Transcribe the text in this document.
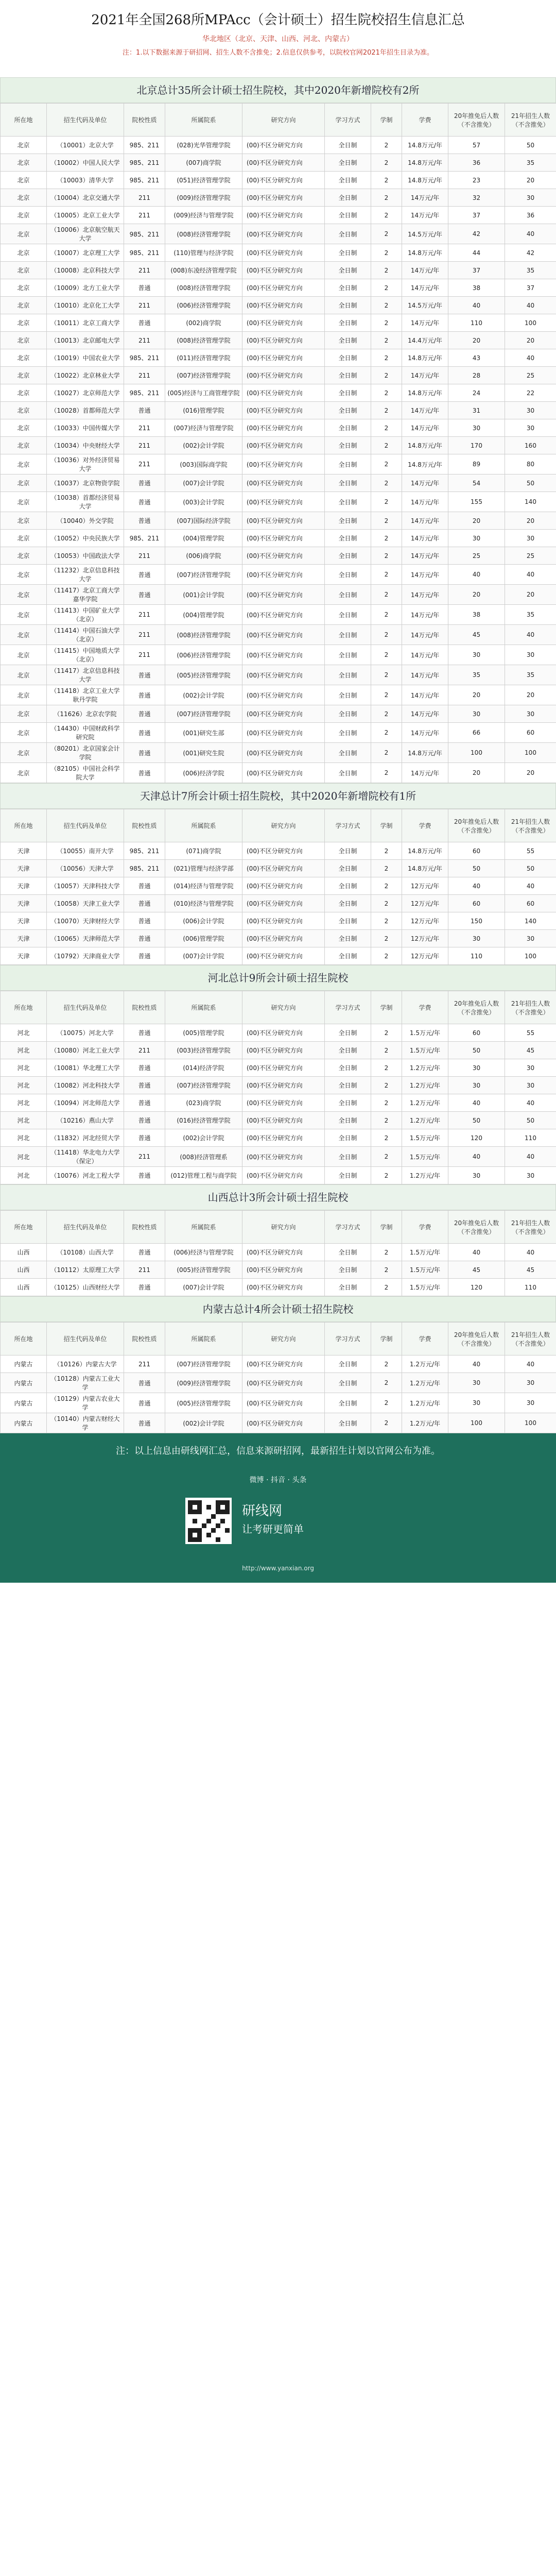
2021年全国268所MPAcc（会计硕士）招生院校招生信息汇总
华北地区（北京、天津、山西、河北、内蒙古）
注：1.以下数据来源于研招网、招生人数不含推免；2.信息仅供参考，以院校官网2021年招生目录为准。
北京总计35所会计硕士招生院校，其中2020年新增院校有2所
所在地	招生代码及单位	院校性质	所属院系	研究方向	学习方式	学制	学费	20年推免后人数（不含推免）	21年招生人数（不含推免）
北京	（10001）北京大学	985、211	(028)光华管理学院	(00)不区分研究方向	全日制	2	14.8万元/年	57	50
北京	（10002）中国人民大学	985、211	(007)商学院	(00)不区分研究方向	全日制	2	14.8万元/年	36	35
北京	（10003）清华大学	985、211	(051)经济管理学院	(00)不区分研究方向	全日制	2	14.8万元/年	23	20
北京	（10004）北京交通大学	211	(009)经济管理学院	(00)不区分研究方向	全日制	2	14万元/年	32	30
北京	（10005）北京工业大学	211	(009)经济与管理学院	(00)不区分研究方向	全日制	2	14万元/年	37	36
北京	（10006）北京航空航天大学	985、211	(008)经济管理学院	(00)不区分研究方向	全日制	2	14.5万元/年	42	40
北京	（10007）北京理工大学	985、211	(110)管理与经济学院	(00)不区分研究方向	全日制	2	14.8万元/年	44	42
北京	（10008）北京科技大学	211	(008)东凌经济管理学院	(00)不区分研究方向	全日制	2	14万元/年	37	35
北京	（10009）北方工业大学	普通	(008)经济管理学院	(00)不区分研究方向	全日制	2	14万元/年	38	37
北京	（10010）北京化工大学	211	(006)经济管理学院	(00)不区分研究方向	全日制	2	14.5万元/年	40	40
北京	（10011）北京工商大学	普通	(002)商学院	(00)不区分研究方向	全日制	2	14万元/年	110	100
北京	（10013）北京邮电大学	211	(008)经济管理学院	(00)不区分研究方向	全日制	2	14.4万元/年	20	20
北京	（10019）中国农业大学	985、211	(011)经济管理学院	(00)不区分研究方向	全日制	2	14.8万元/年	43	40
北京	（10022）北京林业大学	211	(007)经济管理学院	(00)不区分研究方向	全日制	2	14万元/年	28	25
北京	（10027）北京师范大学	985、211	(005)经济与工商管理学院	(00)不区分研究方向	全日制	2	14.8万元/年	24	22
北京	（10028）首都师范大学	普通	(016)管理学院	(00)不区分研究方向	全日制	2	14万元/年	31	30
北京	（10033）中国传媒大学	211	(007)经济与管理学院	(00)不区分研究方向	全日制	2	14万元/年	30	30
北京	（10034）中央财经大学	211	(002)会计学院	(00)不区分研究方向	全日制	2	14.8万元/年	170	160
北京	（10036）对外经济贸易大学	211	(003)国际商学院	(00)不区分研究方向	全日制	2	14.8万元/年	89	80
北京	（10037）北京物资学院	普通	(007)会计学院	(00)不区分研究方向	全日制	2	14万元/年	54	50
北京	（10038）首都经济贸易大学	普通	(003)会计学院	(00)不区分研究方向	全日制	2	14万元/年	155	140
北京	（10040）外交学院	普通	(007)国际经济学院	(00)不区分研究方向	全日制	2	14万元/年	20	20
北京	（10052）中央民族大学	985、211	(004)管理学院	(00)不区分研究方向	全日制	2	14万元/年	30	30
北京	（10053）中国政法大学	211	(006)商学院	(00)不区分研究方向	全日制	2	14万元/年	25	25
北京	（11232）北京信息科技大学	普通	(007)经济管理学院	(00)不区分研究方向	全日制	2	14万元/年	40	40
北京	（11417）北京工商大学嘉华学院	普通	(001)会计学院	(00)不区分研究方向	全日制	2	14万元/年	20	20
北京	（11413）中国矿业大学（北京）	211	(004)管理学院	(00)不区分研究方向	全日制	2	14万元/年	38	35
北京	（11414）中国石油大学（北京）	211	(008)经济管理学院	(00)不区分研究方向	全日制	2	14万元/年	45	40
北京	（11415）中国地质大学（北京）	211	(006)经济管理学院	(00)不区分研究方向	全日制	2	14万元/年	30	30
北京	（11417）北京信息科技大学	普通	(005)经济管理学院	(00)不区分研究方向	全日制	2	14万元/年	35	35
北京	（11418）北京工业大学耿丹学院	普通	(002)会计学院	(00)不区分研究方向	全日制	2	14万元/年	20	20
北京	（11626）北京农学院	普通	(007)经济管理学院	(00)不区分研究方向	全日制	2	14万元/年	30	30
北京	（14430）中国财政科学研究院	普通	(001)研究生部	(00)不区分研究方向	全日制	2	14万元/年	66	60
北京	（80201）北京国家会计学院	普通	(001)研究生院	(00)不区分研究方向	全日制	2	14.8万元/年	100	100
北京	（82105）中国社会科学院大学	普通	(006)经济学院	(00)不区分研究方向	全日制	2	14万元/年	20	20
天津总计7所会计硕士招生院校，其中2020年新增院校有1所
所在地	招生代码及单位	院校性质	所属院系	研究方向	学习方式	学制	学费	20年推免后人数（不含推免）	21年招生人数（不含推免）
天津	（10055）南开大学	985、211	(071)商学院	(00)不区分研究方向	全日制	2	14.8万元/年	60	55
天津	（10056）天津大学	985、211	(021)管理与经济学部	(00)不区分研究方向	全日制	2	14.8万元/年	50	50
天津	（10057）天津科技大学	普通	(014)经济与管理学院	(00)不区分研究方向	全日制	2	12万元/年	40	40
天津	（10058）天津工业大学	普通	(010)经济与管理学院	(00)不区分研究方向	全日制	2	12万元/年	60	60
天津	（10070）天津财经大学	普通	(006)会计学院	(00)不区分研究方向	全日制	2	12万元/年	150	140
天津	（10065）天津师范大学	普通	(006)管理学院	(00)不区分研究方向	全日制	2	12万元/年	30	30
天津	（10792）天津商业大学	普通	(007)会计学院	(00)不区分研究方向	全日制	2	12万元/年	110	100
河北总计9所会计硕士招生院校
所在地	招生代码及单位	院校性质	所属院系	研究方向	学习方式	学制	学费	20年推免后人数（不含推免）	21年招生人数（不含推免）
河北	（10075）河北大学	普通	(005)管理学院	(00)不区分研究方向	全日制	2	1.5万元/年	60	55
河北	（10080）河北工业大学	211	(003)经济管理学院	(00)不区分研究方向	全日制	2	1.5万元/年	50	45
河北	（10081）华北理工大学	普通	(014)经济学院	(00)不区分研究方向	全日制	2	1.2万元/年	30	30
河北	（10082）河北科技大学	普通	(007)经济管理学院	(00)不区分研究方向	全日制	2	1.2万元/年	30	30
河北	（10094）河北师范大学	普通	(023)商学院	(00)不区分研究方向	全日制	2	1.2万元/年	40	40
河北	（10216）燕山大学	普通	(016)经济管理学院	(00)不区分研究方向	全日制	2	1.2万元/年	50	50
河北	（11832）河北经贸大学	普通	(002)会计学院	(00)不区分研究方向	全日制	2	1.5万元/年	120	110
河北	（11418）华北电力大学（保定）	211	(008)经济管理系	(00)不区分研究方向	全日制	2	1.5万元/年	40	40
河北	（10076）河北工程大学	普通	(012)管理工程与商学院	(00)不区分研究方向	全日制	2	1.2万元/年	30	30
山西总计3所会计硕士招生院校
所在地	招生代码及单位	院校性质	所属院系	研究方向	学习方式	学制	学费	20年推免后人数（不含推免）	21年招生人数（不含推免）
山西	（10108）山西大学	普通	(006)经济与管理学院	(00)不区分研究方向	全日制	2	1.5万元/年	40	40
山西	（10112）太原理工大学	211	(005)经济管理学院	(00)不区分研究方向	全日制	2	1.5万元/年	45	45
山西	（10125）山西财经大学	普通	(007)会计学院	(00)不区分研究方向	全日制	2	1.5万元/年	120	110
内蒙古总计4所会计硕士招生院校
所在地	招生代码及单位	院校性质	所属院系	研究方向	学习方式	学制	学费	20年推免后人数（不含推免）	21年招生人数（不含推免）
内蒙古	（10126）内蒙古大学	211	(007)经济管理学院	(00)不区分研究方向	全日制	2	1.2万元/年	40	40
内蒙古	（10128）内蒙古工业大学	普通	(009)经济管理学院	(00)不区分研究方向	全日制	2	1.2万元/年	30	30
内蒙古	（10129）内蒙古农业大学	普通	(005)经济管理学院	(00)不区分研究方向	全日制	2	1.2万元/年	30	30
内蒙古	（10140）内蒙古财经大学	普通	(002)会计学院	(00)不区分研究方向	全日制	2	1.2万元/年	100	100
注：以上信息由研线网汇总，信息来源研招网，最新招生计划以官网公布为准。
微博 · 抖音 · 头条
研线网
让考研更简单
http://www.yanxian.org
